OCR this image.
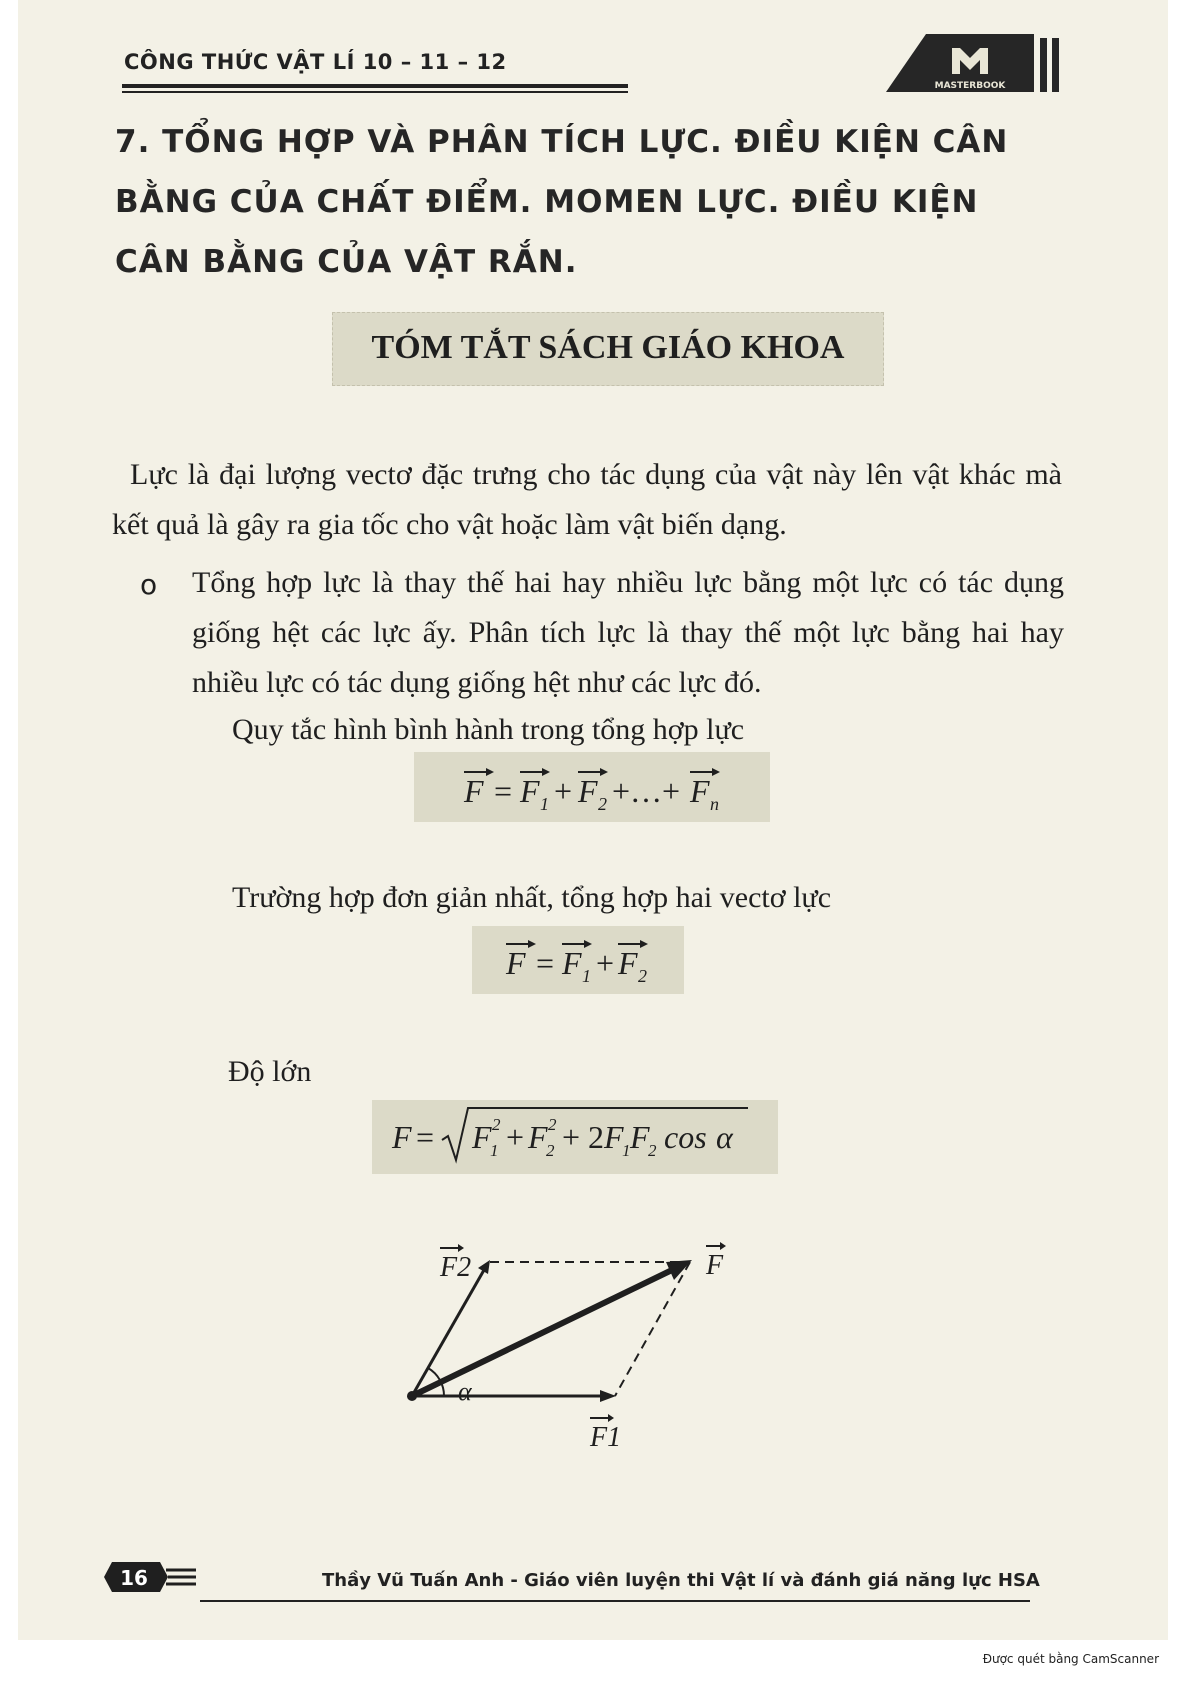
CÔNG THỨC VẬT LÍ 10 – 11 – 12
MASTERBOOK
7. TỔNG HỢP VÀ PHÂN TÍCH LỰC. ĐIỀU KIỆN CÂN BẰNG CỦA CHẤT ĐIỂM. MOMEN LỰC. ĐIỀU KIỆN CÂN BẰNG CỦA VẬT RẮN.
TÓM TẮT SÁCH GIÁO KHOA
Lực là đại lượng vectơ đặc trưng cho tác dụng của vật này lên vật khác mà kết quả là gây ra gia tốc cho vật hoặc làm vật biến dạng.
o Tổng hợp lực là thay thế hai hay nhiều lực bằng một lực có tác dụng giống hệt các lực ấy. Phân tích lực là thay thế một lực bằng hai hay nhiều lực có tác dụng giống hệt như các lực đó.
Quy tắc hình bình hành trong tổng hợp lực
F = F 1 + F 2 +…+ F n
Trường hợp đơn giản nhất, tổng hợp hai vectơ lực
F = F 1 + F 2
Độ lớn
F = F
1
2 + F
2
2 + 2 F
1 F
2 cos α
F2	F
α
F1
16	Thầy Vũ Tuấn Anh - Giáo viên luyện thi Vật lí và đánh giá năng lực HSA
Được quét bằng CamScanner
